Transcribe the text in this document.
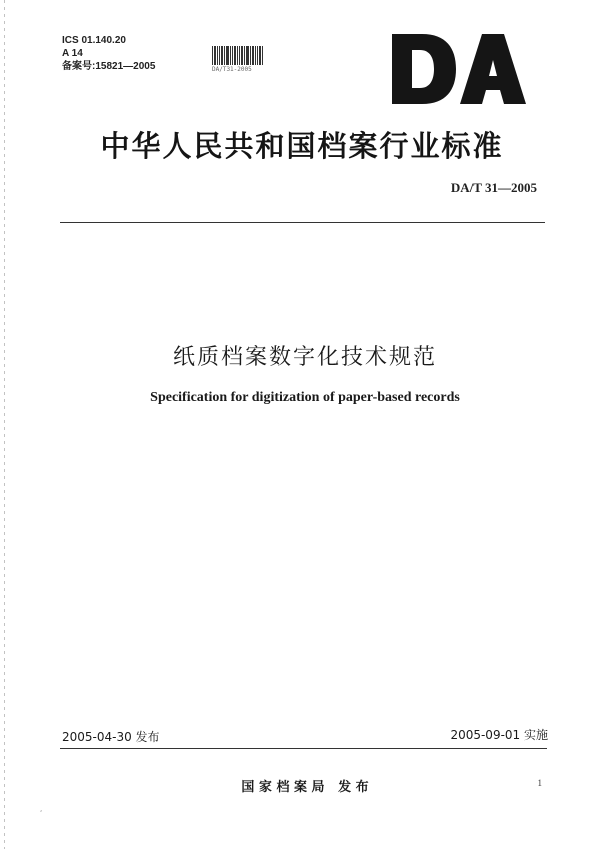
ICS 01.140.20
A 14
备案号:15821—2005	DA/T31-2005
中华人民共和国档案行业标准
DA/T 31—2005
纸质档案数字化技术规范
Specification for digitization of paper-based records
2005-04-30 发布	2005-09-01 实施
国 家 档 案 局   发 布	1
,
